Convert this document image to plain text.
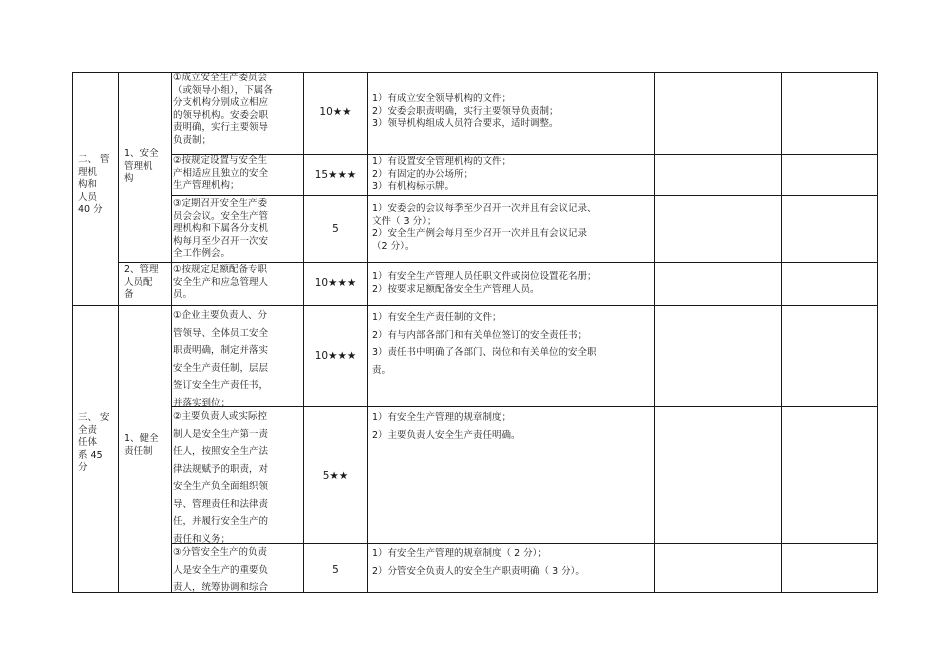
二、 管
理机
构和
人员
40 分
三、 安
全责
任体
系 45
分
1、安全
管理机
构
2、管理
人员配
备
1、健全
责任制
①成立安全生产委员会
（或领导小组），下属各
分支机构分别成立相应
的领导机构。安委会职
责明确，实行主要领导
负责制；
10★★
1）有成立安全领导机构的文件；
2）安委会职责明确，实行主要领导负责制；
3）领导机构组成人员符合要求，适时调整。
②按规定设置与安全生
产相适应且独立的安全
生产管理机构；
15★★★
1）有设置安全管理机构的文件；
2）有固定的办公场所；
3）有机构标示牌。
③定期召开安全生产委
员会会议。安全生产管
理机构和下属各分支机
构每月至少召开一次安
全工作例会。
5
1）安委会的会议每季至少召开一次并且有会议记录、
文件（ 3 分）；
2）安全生产例会每月至少召开一次并且有会议记录
（2 分）。
①按规定足额配备专职
安全生产和应急管理人
员。
10★★★
1）有安全生产管理人员任职文件或岗位设置花名册；
2）按要求足额配备安全生产管理人员。
①企业主要负责人、分
管领导、全体员工安全
职责明确，制定并落实
安全生产责任制，层层
签订安全生产责任书，
并落实到位；
10★★★
1）有安全生产责任制的文件；
2）有与内部各部门和有关单位签订的安全责任书；
3）责任书中明确了各部门、岗位和有关单位的安全职
责。
②主要负责人或实际控
制人是安全生产第一责
任人，按照安全生产法
律法规赋予的职责，对
安全生产负全面组织领
导、管理责任和法律责
任，并履行安全生产的
责任和义务；
5★★
1）有安全生产管理的规章制度；
2）主要负责人安全生产责任明确。
③分管安全生产的负责
人是安全生产的重要负
责人，统筹协调和综合
5
1）有安全生产管理的规章制度（ 2 分）；
2）分管安全负责人的安全生产职责明确（ 3 分）。
